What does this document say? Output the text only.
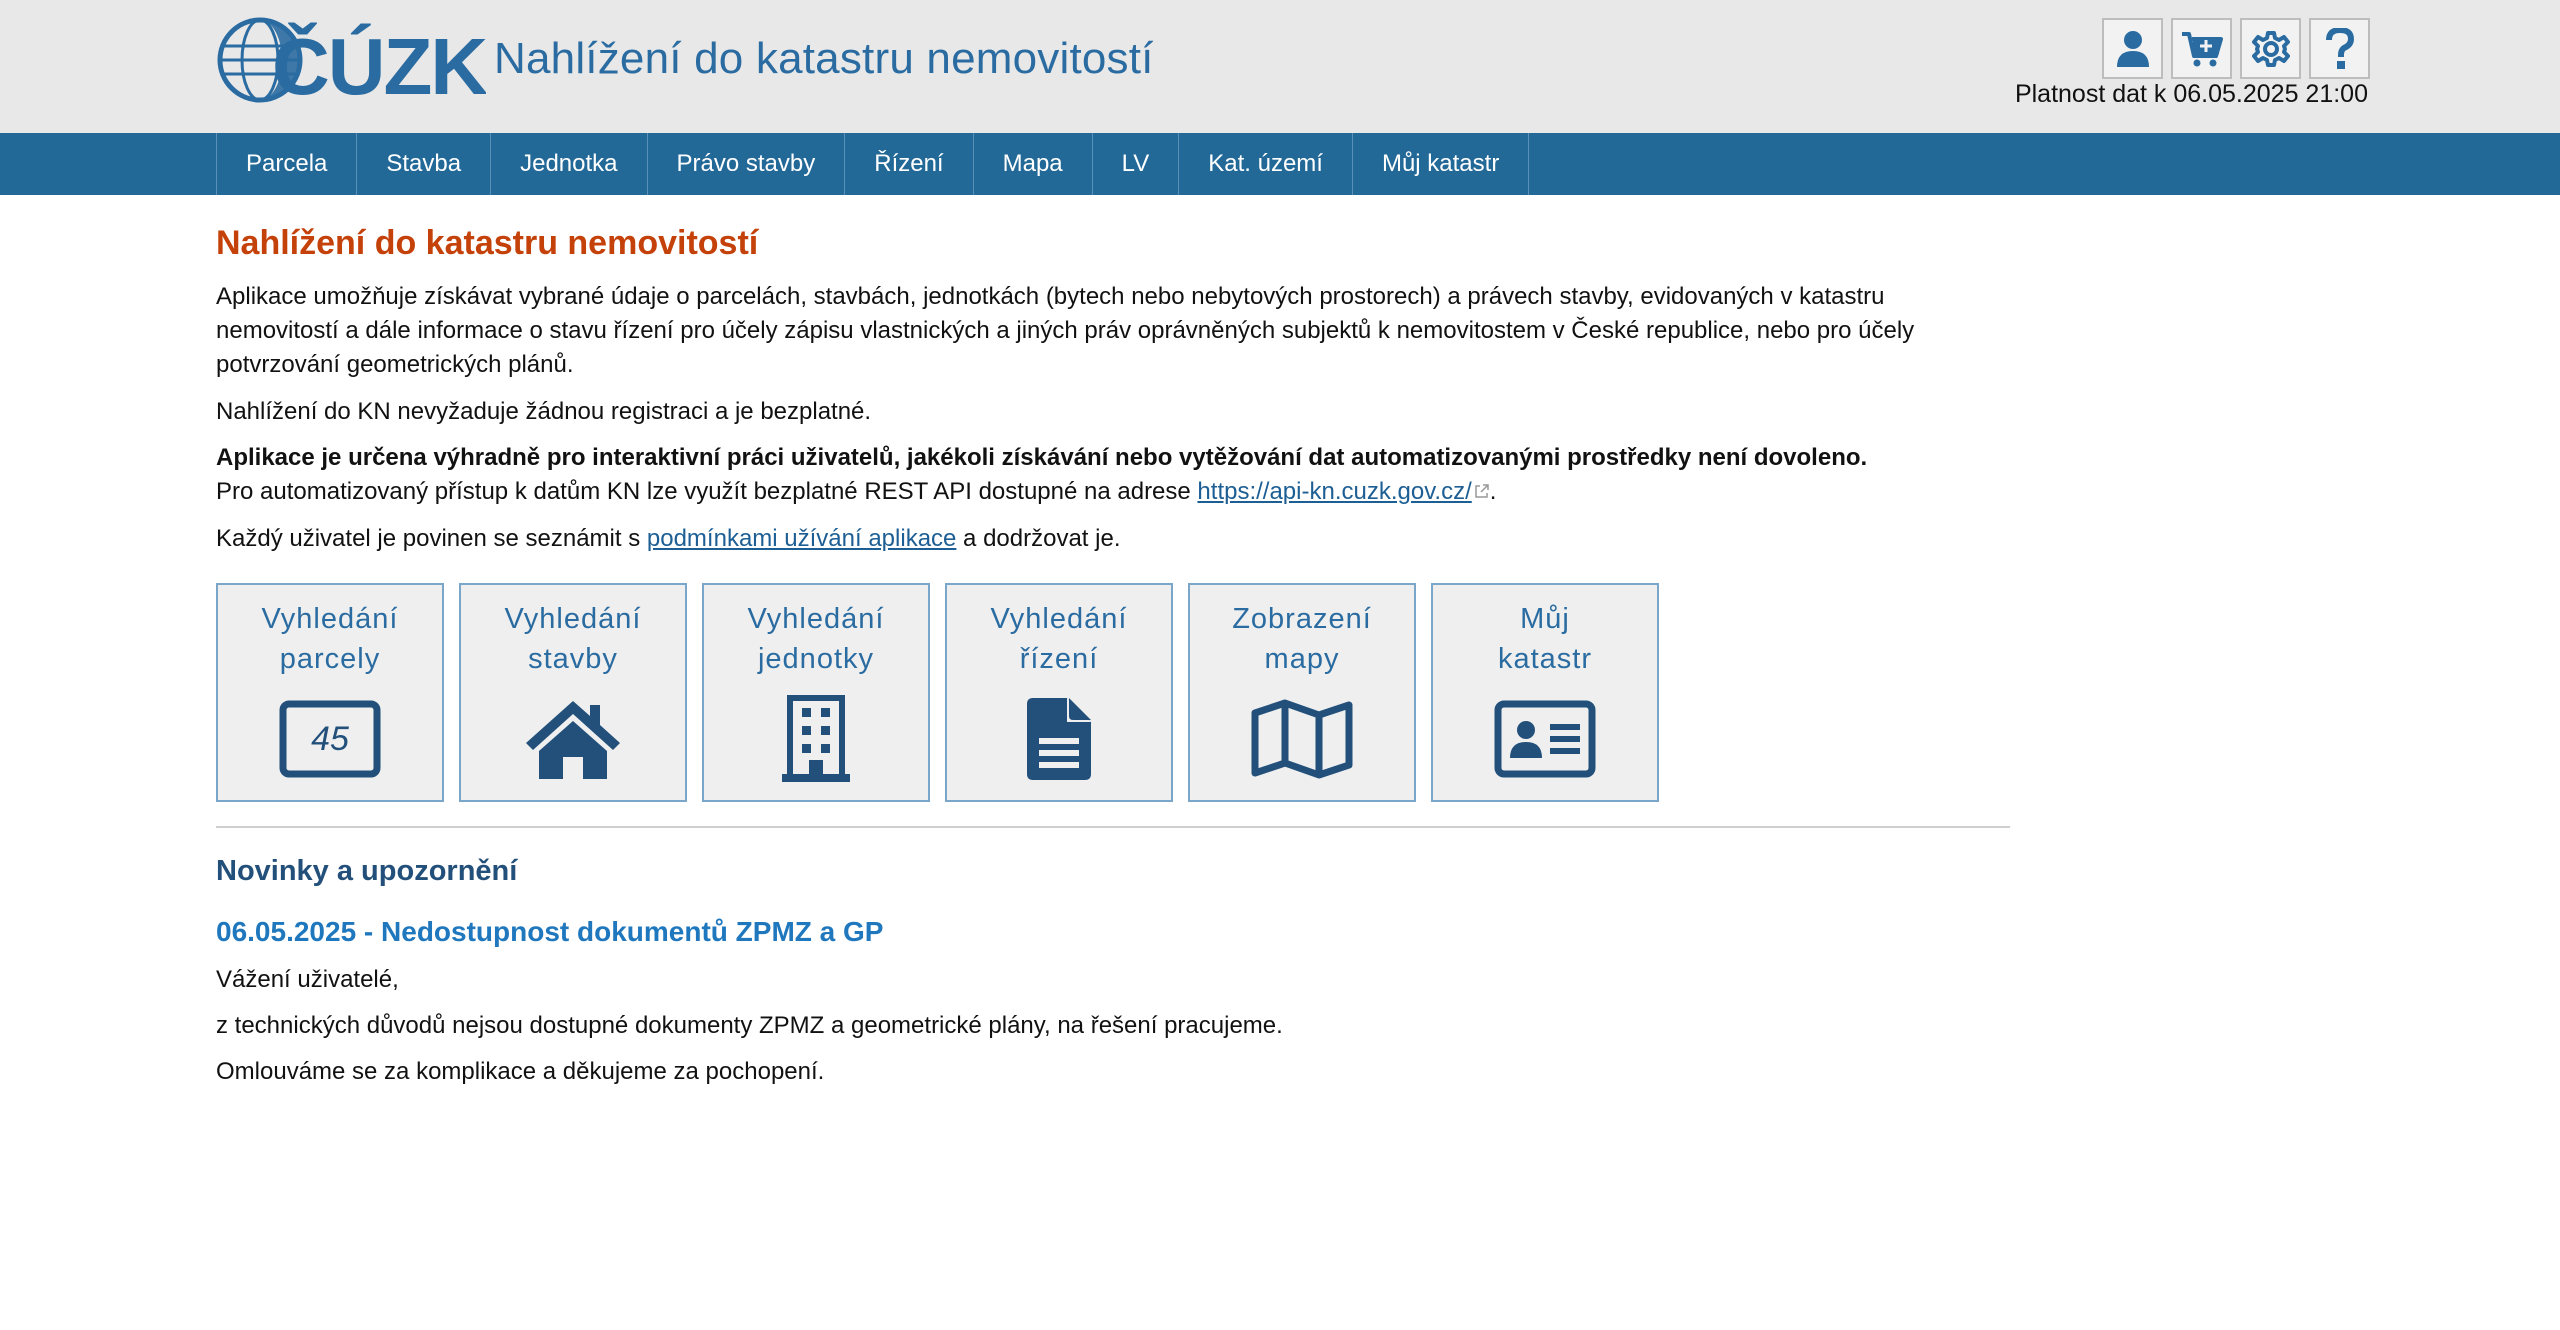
ČÚZK Nahlížení do katastru nemovitostí
Platnost dat k 06.05.2025 21:00
Parcela	Stavba	Jednotka	Právo stavby	Řízení	Mapa	LV	Kat. území	Můj katastr
Nahlížení do katastru nemovitostí

Aplikace umožňuje získávat vybrané údaje o parcelách, stavbách, jednotkách (bytech nebo nebytových prostorech) a právech stavby, evidovaných v katastru nemovitostí a dále informace o stavu řízení pro účely zápisu vlastnických a jiných práv oprávněných subjektů k nemovitostem v České republice, nebo pro účely potvrzování geometrických plánů.

Nahlížení do KN nevyžaduje žádnou registraci a je bezplatné.

Aplikace je určena výhradně pro interaktivní práci uživatelů, jakékoli získávání nebo vytěžování dat automatizovanými prostředky není dovoleno.
Pro automatizovaný přístup k datům KN lze využít bezplatné REST API dostupné na adrese https://api-kn.cuzk.gov.cz/ .

Každý uživatel je povinen se seznámit s podmínkami užívání aplikace a dodržovat je.

Vyhledání
parcely
45
Vyhledání
stavby
Vyhledání
jednotky
Vyhledání
řízení
Zobrazení
mapy
Můj
katastr
Novinky a upozornění
06.05.2025 - Nedostupnost dokumentů ZPMZ a GP

Vážení uživatelé,

z technických důvodů nejsou dostupné dokumenty ZPMZ a geometrické plány, na řešení pracujeme.

Omlouváme se za komplikace a děkujeme za pochopení.
